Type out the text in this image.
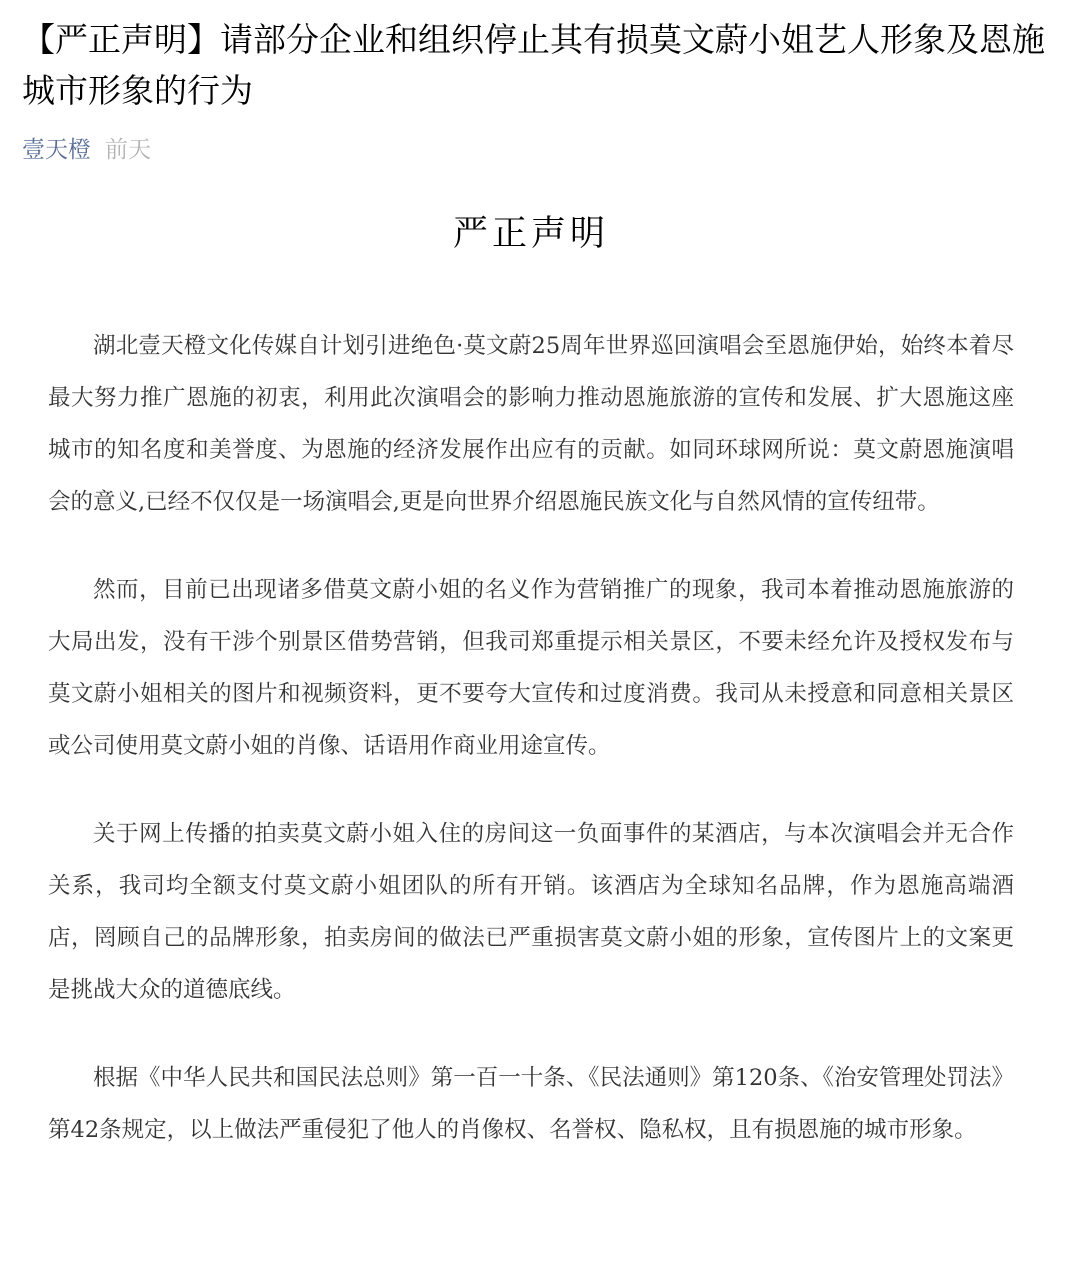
【严正声明】请部分企业和组织停止其有损莫文蔚小姐艺人形象及恩施城市形象的行为
壹天橙 前天
严正声明

湖北壹天橙文化传媒自计划引进绝色·莫文蔚25周年世界巡回演唱会至恩施伊始，始终本着尽最大努力推广恩施的初衷，利用此次演唱会的影响力推动恩施旅游的宣传和发展、扩大恩施这座城市的知名度和美誉度、为恩施的经济发展作出应有的贡献。如同环球网所说：莫文蔚恩施演唱会的意义,已经不仅仅是一场演唱会,更是向世界介绍恩施民族文化与自然风情的宣传纽带。

然而，目前已出现诸多借莫文蔚小姐的名义作为营销推广的现象，我司本着推动恩施旅游的大局出发，没有干涉个别景区借势营销，但我司郑重提示相关景区，不要未经允许及授权发布与莫文蔚小姐相关的图片和视频资料，更不要夸大宣传和过度消费。我司从未授意和同意相关景区或公司使用莫文蔚小姐的肖像、话语用作商业用途宣传。

关于网上传播的拍卖莫文蔚小姐入住的房间这一负面事件的某酒店，与本次演唱会并无合作关系，我司均全额支付莫文蔚小姐团队的所有开销。该酒店为全球知名品牌，作为恩施高端酒店，罔顾自己的品牌形象，拍卖房间的做法已严重损害莫文蔚小姐的形象，宣传图片上的文案更是挑战大众的道德底线。

根据《中华人民共和国民法总则》第一百一十条、《民法通则》第120条、《治安管理处罚法》第42条规定，以上做法严重侵犯了他人的肖像权、名誉权、隐私权，且有损恩施的城市形象。
